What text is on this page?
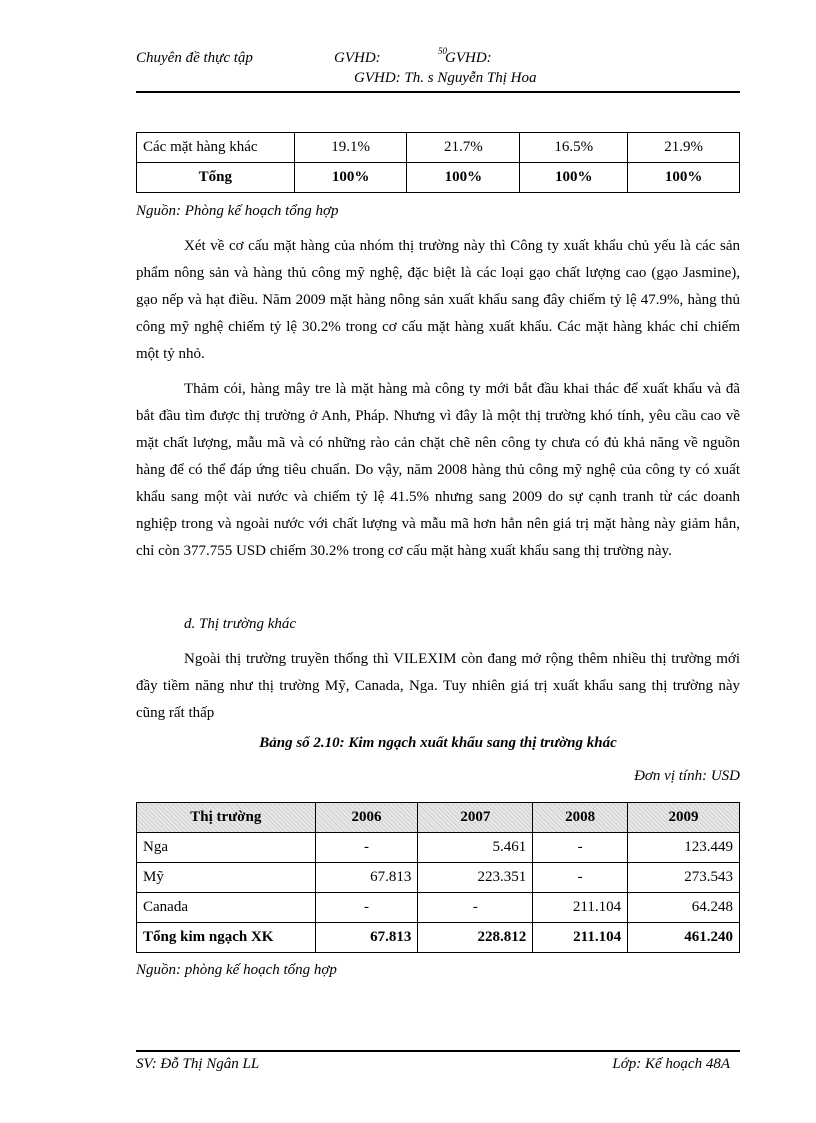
Chuyên đề thực tập	GVHD:	50
GVHD:
GVHD: Th. s Nguyễn Thị Hoa
Các mặt hàng khác	19.1%	21.7%	16.5%	21.9%
Tổng	100%	100%	100%	100%
Nguồn: Phòng kế hoạch tổng hợp

Xét về cơ cấu mặt hàng của nhóm thị trường này thì Công ty xuất khẩu chủ yếu là các sản phẩm nông sản và hàng thủ công mỹ nghệ, đặc biệt là các loại gạo chất lượng cao (gạo Jasmine), gạo nếp và hạt điều. Năm 2009 mặt hàng nông sản xuất khẩu sang đây chiếm tỷ lệ 47.9%, hàng thủ công mỹ nghệ chiếm tỷ lệ 30.2% trong cơ cấu mặt hàng xuất khẩu. Các mặt hàng khác chỉ chiếm một tỷ nhỏ.

Thảm cói, hàng mây tre là mặt hàng mà công ty mới bắt đầu khai thác để xuất khẩu và đã bắt đầu tìm được thị trường ở Anh, Pháp. Nhưng vì đây là một thị trường khó tính, yêu cầu cao về mặt chất lượng, mẫu mã và có những rào cản chặt chẽ nên công ty chưa có đủ khả năng về nguồn hàng để có thể đáp ứng tiêu chuẩn. Do vậy, năm 2008 hàng thủ công mỹ nghệ của công ty có xuất khẩu sang một vài nước và chiếm tỷ lệ 41.5% nhưng sang 2009 do sự cạnh tranh từ các doanh nghiệp trong và ngoài nước với chất lượng và mẫu mã hơn hẳn nên giá trị mặt hàng này giảm hẳn, chỉ còn 377.755 USD chiếm 30.2% trong cơ cấu mặt hàng xuất khẩu sang thị trường này.

d. Thị trường khác

Ngoài thị trường truyền thống thì VILEXIM còn đang mở rộng thêm nhiều thị trường mới đầy tiềm năng như thị trường Mỹ, Canada, Nga. Tuy nhiên giá trị xuất khẩu sang thị trường này cũng rất thấp

Bảng số 2.10: Kim ngạch xuất khẩu sang thị trường khác
Đơn vị tính: USD
Thị trường	2006	2007	2008	2009
Nga	-	5.461	-	123.449
Mỹ	67.813	223.351	-	273.543
Canada	-	-	211.104	64.248
Tổng kim ngạch XK	67.813	228.812	211.104	461.240
Nguồn: phòng kế hoạch tổng hợp
SV: Đỗ Thị Ngân LL	Lớp: Kế hoạch 48A
